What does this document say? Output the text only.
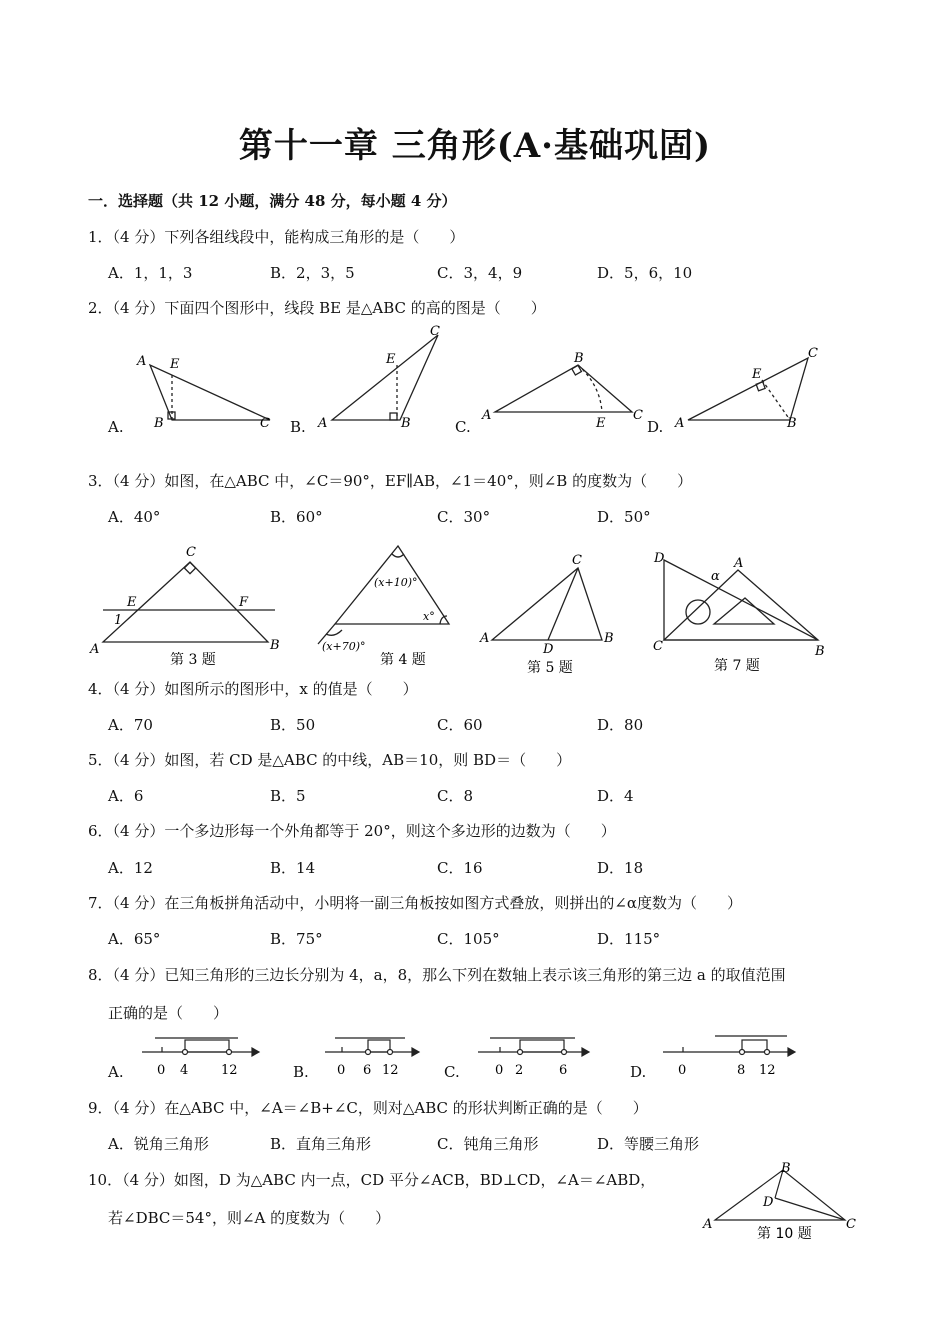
第十一章 三角形(A·基础巩固)
一．选择题（共 12 小题，满分 48 分，每小题 4 分）
1．（4 分）下列各组线段中，能构成三角形的是（　　）
A．1，1，3	B．2，3，5	C．3，4，9	D．5，6，10
2．（4 分）下面四个图形中，线段 BE 是△ABC 的高的图是（　　）
A.	B.	C.	D.
A E
B	C	A	B
E
C
A
B
C
E	A	B
E
C
3．（4 分）如图，在△ABC 中，∠C＝90°，EF∥AB，∠1＝40°，则∠B 的度数为（　　）
A．40°	B．60°	C．30°	D．50°
C
E	F
1
A	B
(x+10)°
x°
(x+70)°
C
A
D
B
D
α
A
C	B
第 3 题	第 4 题	第 5 题	第 7 题
4．（4 分）如图所示的图形中，x 的值是（　　）
A．70	B．50	C．60	D．80
5．（4 分）如图，若 CD 是△ABC 的中线，AB＝10，则 BD＝（　　）
A．6	B．5	C．8	D．4
6．（4 分）一个多边形每一个外角都等于 20°，则这个多边形的边数为（　　）
A．12	B．14	C．16	D．18
7．（4 分）在三角板拼角活动中，小明将一副三角板按如图方式叠放，则拼出的∠α度数为（　　）
A．65°	B．75°	C．105°	D．115°
8．（4 分）已知三角形的三边长分别为 4，a，8，那么下列在数轴上表示该三角形的第三边 a 的取值范围
正确的是（　　）
A.	B.	C.	D.
0 4	12	0 6 12	0 2	6	0	8 12
9．（4 分）在△ABC 中，∠A＝∠B+∠C，则对△ABC 的形状判断正确的是（　　）
A．锐角三角形	B．直角三角形	C．钝角三角形	D．等腰三角形
10．（4 分）如图，D 为△ABC 内一点，CD 平分∠ACB，BD⊥CD，∠A＝∠ABD，
若∠DBC＝54°，则∠A 的度数为（　　）
B
D
A	C
第 10 题
